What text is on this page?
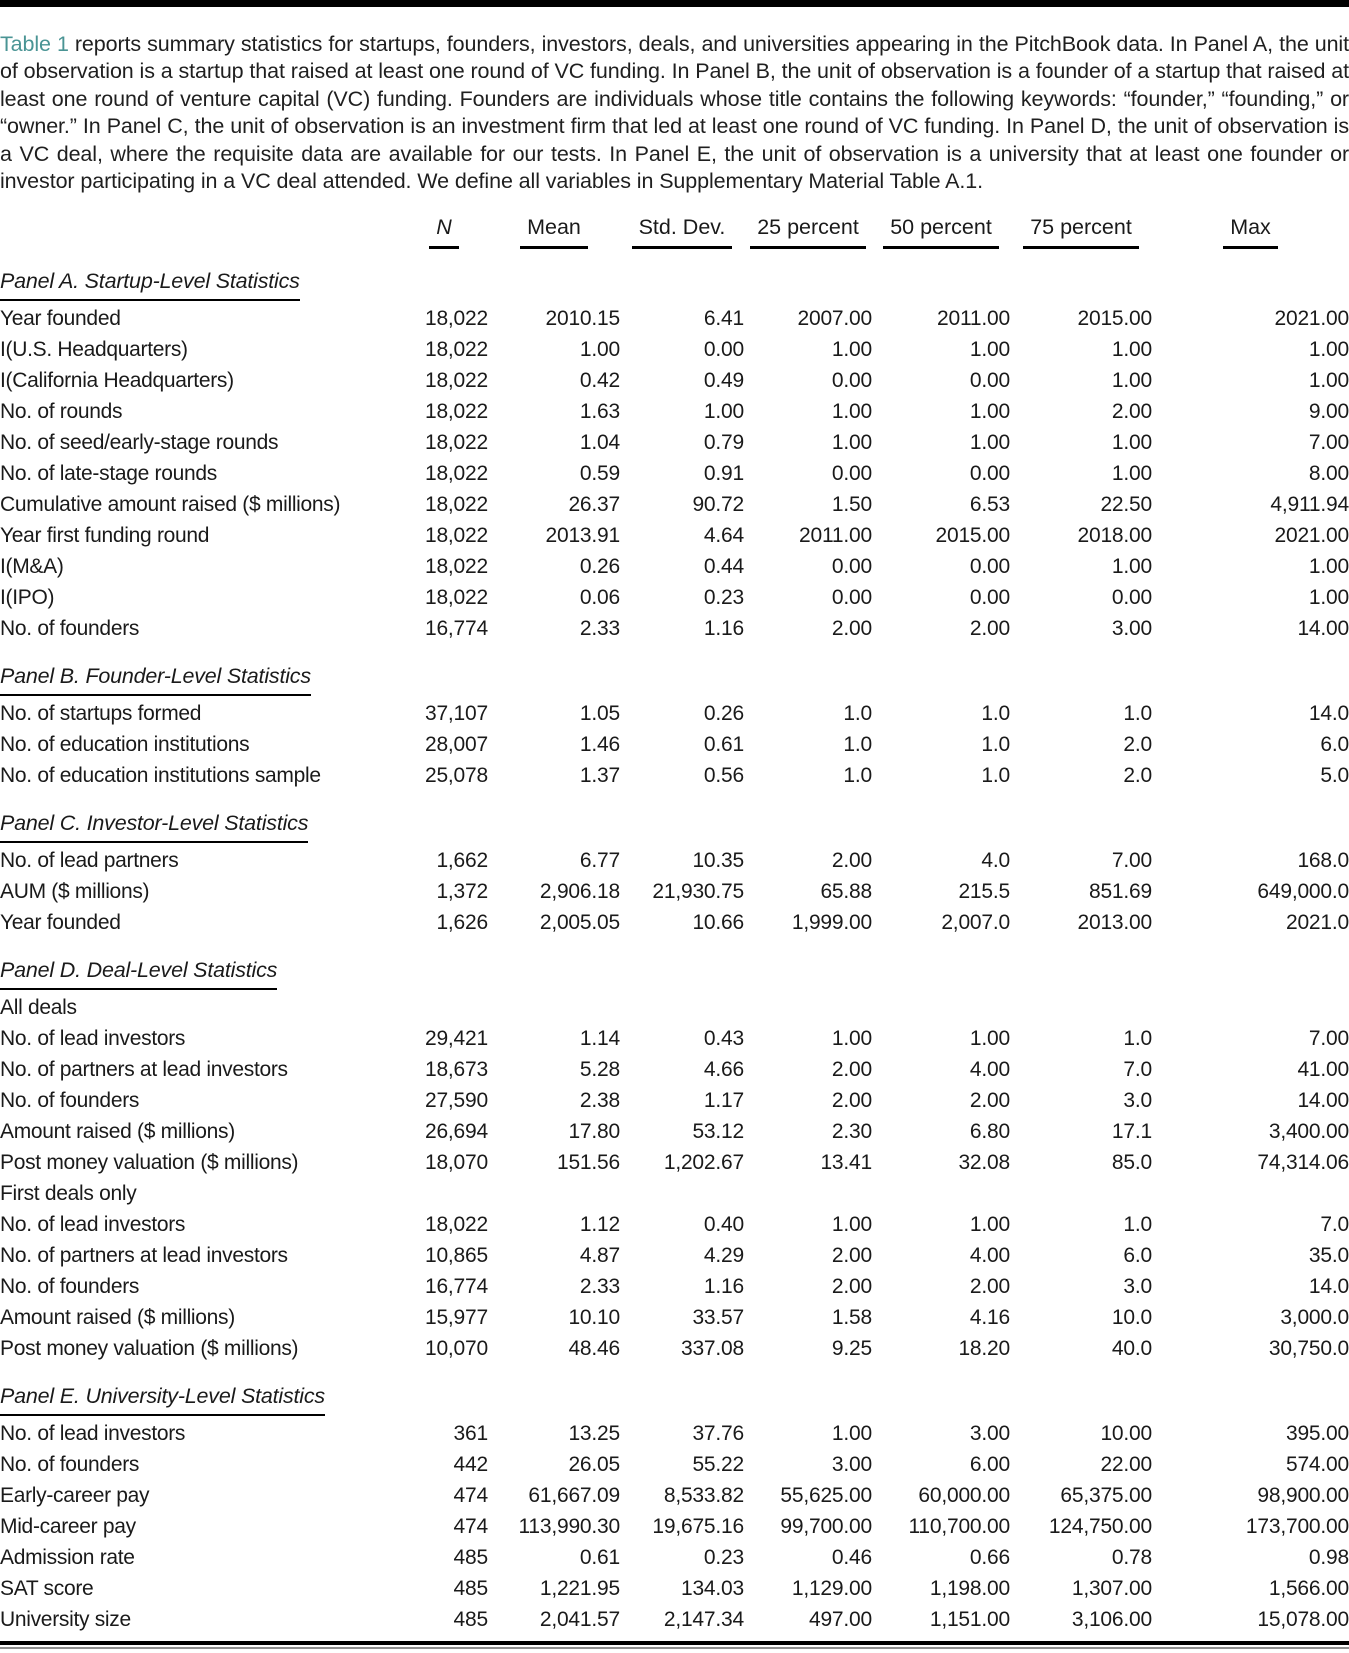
Table 1 reports summary statistics for startups, founders, investors, deals, and universities appearing in the PitchBook data. In Panel A, the unit of observation is a startup that raised at least one round of VC funding. In Panel B, the unit of observation is a founder of a startup that raised at least one round of venture capital (VC) funding. Founders are individuals whose title contains the following keywords: “founder,” “founding,” or “owner.” In Panel C, the unit of observation is an investment firm that led at least one round of VC funding. In Panel D, the unit of observation is a VC deal, where the requisite data are available for our tests. In Panel E, the unit of observation is a university that at least one founder or investor participating in a VC deal attended. We define all variables in Supplementary Material Table A.1.

	N	Mean	Std. Dev.	25 percent	50 percent	75 percent	Max
Panel A. Startup-Level Statistics							
Year founded	18,022	2010.15	6.41	2007.00	2011.00	2015.00	2021.00
I(U.S. Headquarters)	18,022	1.00	0.00	1.00	1.00	1.00	1.00
I(California Headquarters)	18,022	0.42	0.49	0.00	0.00	1.00	1.00
No. of rounds	18,022	1.63	1.00	1.00	1.00	2.00	9.00
No. of seed/early-stage rounds	18,022	1.04	0.79	1.00	1.00	1.00	7.00
No. of late-stage rounds	18,022	0.59	0.91	0.00	0.00	1.00	8.00
Cumulative amount raised ($ millions)	18,022	26.37	90.72	1.50	6.53	22.50	4,911.94
Year first funding round	18,022	2013.91	4.64	2011.00	2015.00	2018.00	2021.00
I(M&A)	18,022	0.26	0.44	0.00	0.00	1.00	1.00
I(IPO)	18,022	0.06	0.23	0.00	0.00	0.00	1.00
No. of founders	16,774	2.33	1.16	2.00	2.00	3.00	14.00
Panel B. Founder-Level Statistics							
No. of startups formed	37,107	1.05	0.26	1.0	1.0	1.0	14.0
No. of education institutions	28,007	1.46	0.61	1.0	1.0	2.0	6.0
No. of education institutions sample	25,078	1.37	0.56	1.0	1.0	2.0	5.0
Panel C. Investor-Level Statistics							
No. of lead partners	1,662	6.77	10.35	2.00	4.0	7.00	168.0
AUM ($ millions)	1,372	2,906.18	21,930.75	65.88	215.5	851.69	649,000.0
Year founded	1,626	2,005.05	10.66	1,999.00	2,007.0	2013.00	2021.0
Panel D. Deal-Level Statistics							
All deals							
No. of lead investors	29,421	1.14	0.43	1.00	1.00	1.0	7.00
No. of partners at lead investors	18,673	5.28	4.66	2.00	4.00	7.0	41.00
No. of founders	27,590	2.38	1.17	2.00	2.00	3.0	14.00
Amount raised ($ millions)	26,694	17.80	53.12	2.30	6.80	17.1	3,400.00
Post money valuation ($ millions)	18,070	151.56	1,202.67	13.41	32.08	85.0	74,314.06
First deals only							
No. of lead investors	18,022	1.12	0.40	1.00	1.00	1.0	7.0
No. of partners at lead investors	10,865	4.87	4.29	2.00	4.00	6.0	35.0
No. of founders	16,774	2.33	1.16	2.00	2.00	3.0	14.0
Amount raised ($ millions)	15,977	10.10	33.57	1.58	4.16	10.0	3,000.0
Post money valuation ($ millions)	10,070	48.46	337.08	9.25	18.20	40.0	30,750.0
Panel E. University-Level Statistics							
No. of lead investors	361	13.25	37.76	1.00	3.00	10.00	395.00
No. of founders	442	26.05	55.22	3.00	6.00	22.00	574.00
Early-career pay	474	61,667.09	8,533.82	55,625.00	60,000.00	65,375.00	98,900.00
Mid-career pay	474	113,990.30	19,675.16	99,700.00	110,700.00	124,750.00	173,700.00
Admission rate	485	0.61	0.23	0.46	0.66	0.78	0.98
SAT score	485	1,221.95	134.03	1,129.00	1,198.00	1,307.00	1,566.00
University size	485	2,041.57	2,147.34	497.00	1,151.00	3,106.00	15,078.00
